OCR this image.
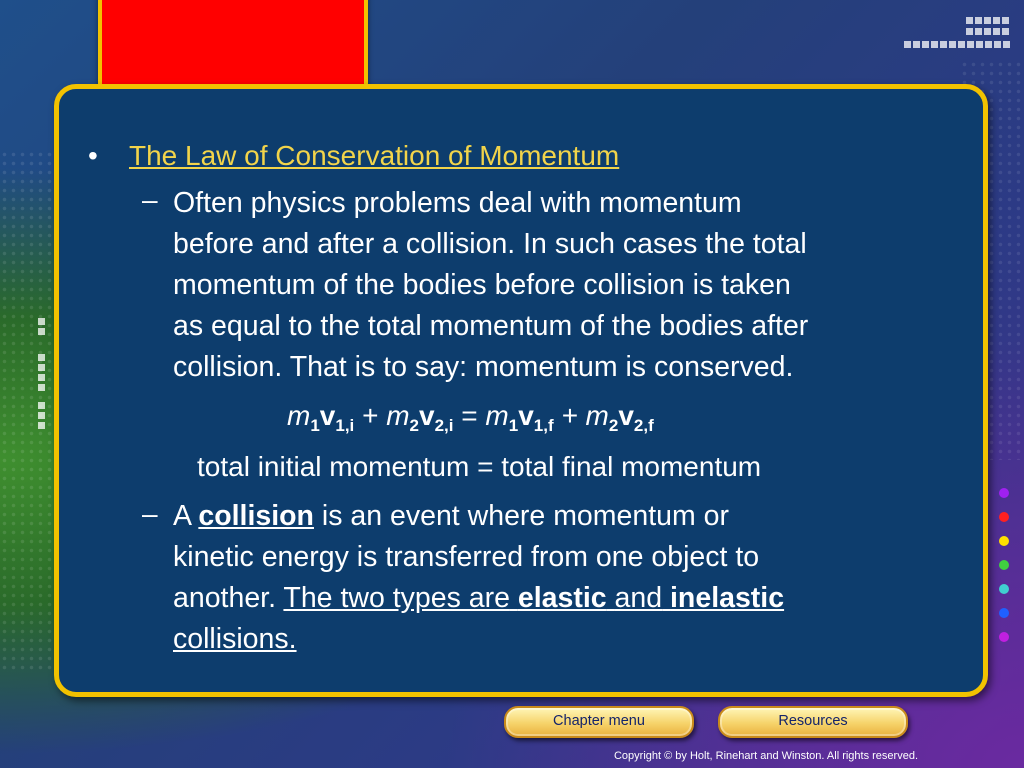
• The Law of Conservation of Momentum
– Often physics problems deal with momentum
before and after a collision. In such cases the total
momentum of the bodies before collision is taken
as equal to the total momentum of the bodies after
collision. That is to say: momentum is conserved.
$m_1v_{1,i} + m_2v_{2,i} = m_1v_{1,f} + m_2v_{2,f}$
total initial momentum = total final momentum
– A collision is an event where momentum or
kinetic energy is transferred from one object to
another. The two types are elastic and inelastic
collisions.
Chapter menu	Resources
Copyright © by Holt, Rinehart and Winston. All rights reserved.
